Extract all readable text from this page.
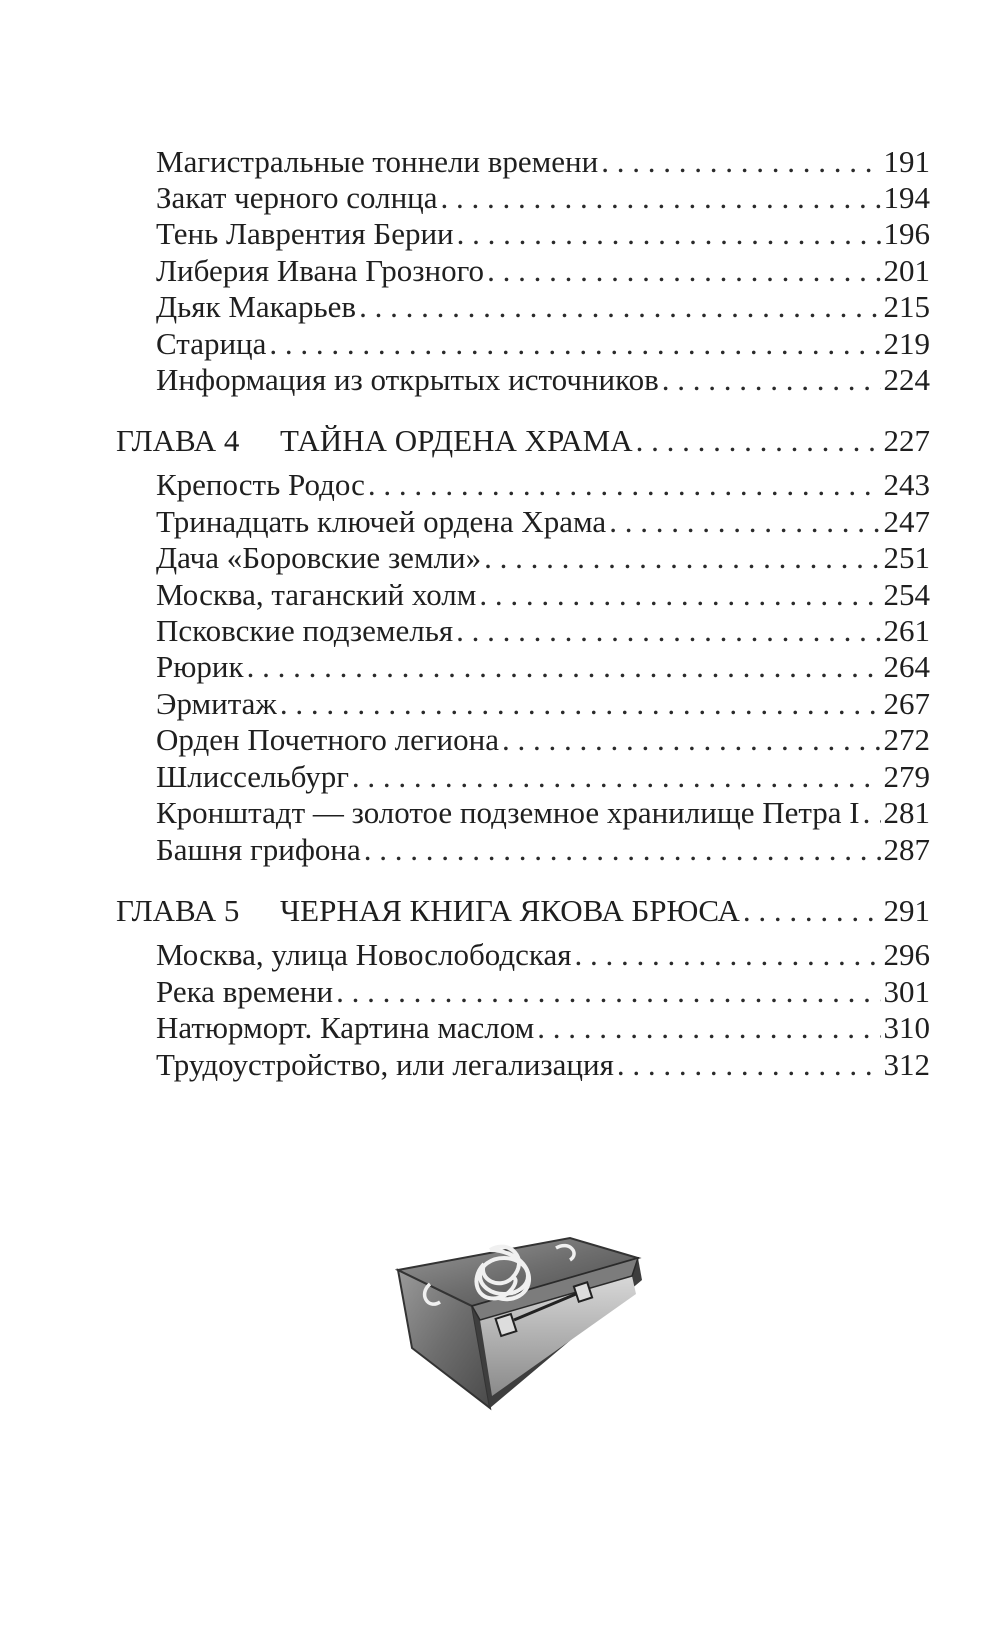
Магистральные тоннели времени . . .	191
Закат черного солнца . . .	194
Тень Лаврентия Берии . . .	196
Либерия Ивана Грозного . . .	201
Дьяк Макарьев . . .	215
Старица . . .	219
Информация из открытых источников . . .	224
ГЛАВА 4	ТАЙНА ОРДЕНА ХРАМА . . .	227
Крепость Родос . . .	243
Тринадцать ключей ордена Храма . . .	247
Дача «Боровские земли» . . .	251
Москва, таганский холм . . .	254
Псковские подземелья . . .	261
Рюрик . . .	264
Эрмитаж . . .	267
Орден Почетного легиона . . .	272
Шлиссельбург . . .	279
Кронштадт — золотое подземное хранилище Петра I . . . 281
Башня грифона . . .	287
ГЛАВА 5	ЧЕРНАЯ КНИГА ЯКОВА БРЮСА . . .	291
Москва, улица Новослободская . . .	296
Река времени . . .	301
Натюрморт. Картина маслом . . .	310
Трудоустройство, или легализация . . .	312
